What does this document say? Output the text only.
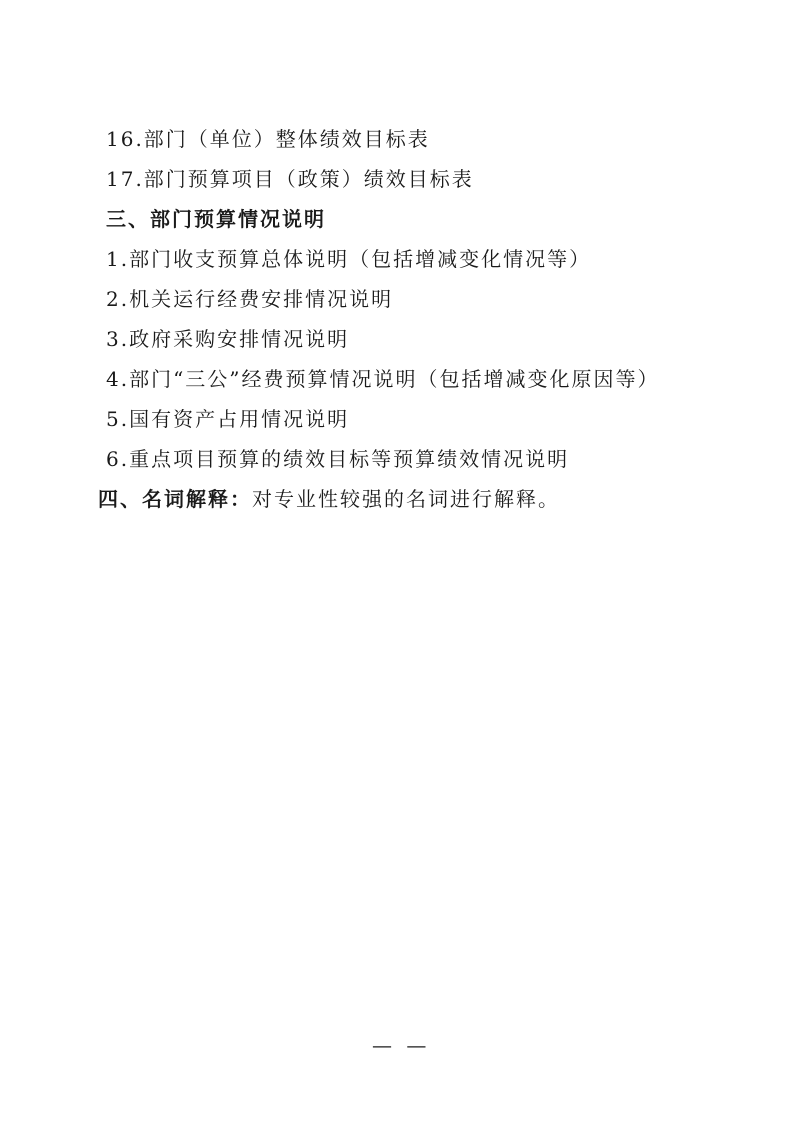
16.部门（单位）整体绩效目标表
17.部门预算项目（政策）绩效目标表
三、部门预算情况说明
1.部门收支预算总体说明（包括增减变化情况等）
2.机关运行经费安排情况说明
3.政府采购安排情况说明
4.部门“三公”经费预算情况说明（包括增减变化原因等）
5.国有资产占用情况说明
6.重点项目预算的绩效目标等预算绩效情况说明
四、名词解释：对专业性较强的名词进行解释。
— —
